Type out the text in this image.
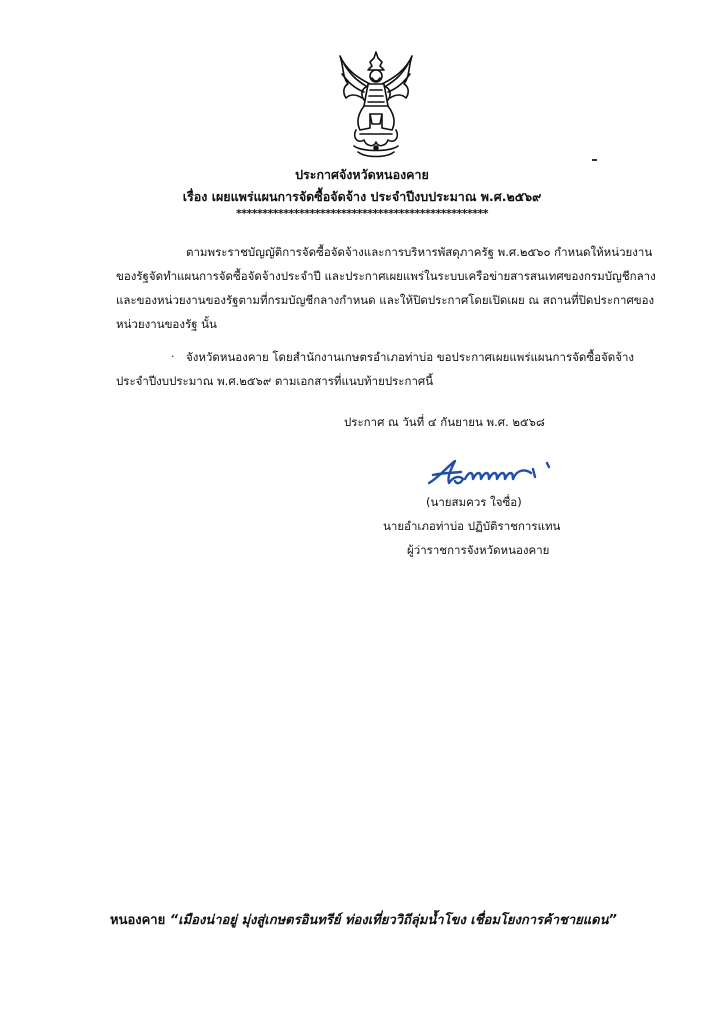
ประกาศจังหวัดหนองคาย
เรื่อง เผยแพร่แผนการจัดซื้อจัดจ้าง ประจำปีงบประมาณ พ.ศ.๒๕๖๙
************************************************
ตามพระราชบัญญัติการจัดซื้อจัดจ้างและการบริหารพัสดุภาครัฐ พ.ศ.๒๕๖๐ กำหนดให้หน่วยงาน
ของรัฐจัดทำแผนการจัดซื้อจัดจ้างประจำปี และประกาศเผยแพร่ในระบบเครือข่ายสารสนเทศของกรมบัญชีกลาง
และของหน่วยงานของรัฐตามที่กรมบัญชีกลางกำหนด และให้ปิดประกาศโดยเปิดเผย ณ สถานที่ปิดประกาศของ
หน่วยงานของรัฐ นั้น
·	จังหวัดหนองคาย โดยสำนักงานเกษตรอำเภอท่าบ่อ ขอประกาศเผยแพร่แผนการจัดซื้อจัดจ้าง
ประจำปีงบประมาณ พ.ศ.๒๕๖๙ ตามเอกสารที่แนบท้ายประกาศนี้
ประกาศ ณ วันที่ ๔ กันยายน พ.ศ. ๒๕๖๘
(นายสมควร ใจซื่อ)
นายอำเภอท่าบ่อ ปฏิบัติราชการแทน
ผู้ว่าราชการจังหวัดหนองคาย
หนองคาย “เมืองน่าอยู่ มุ่งสู่เกษตรอินทรีย์ ท่องเที่ยววิถีลุ่มน้ำโขง เชื่อมโยงการค้าชายแดน”
